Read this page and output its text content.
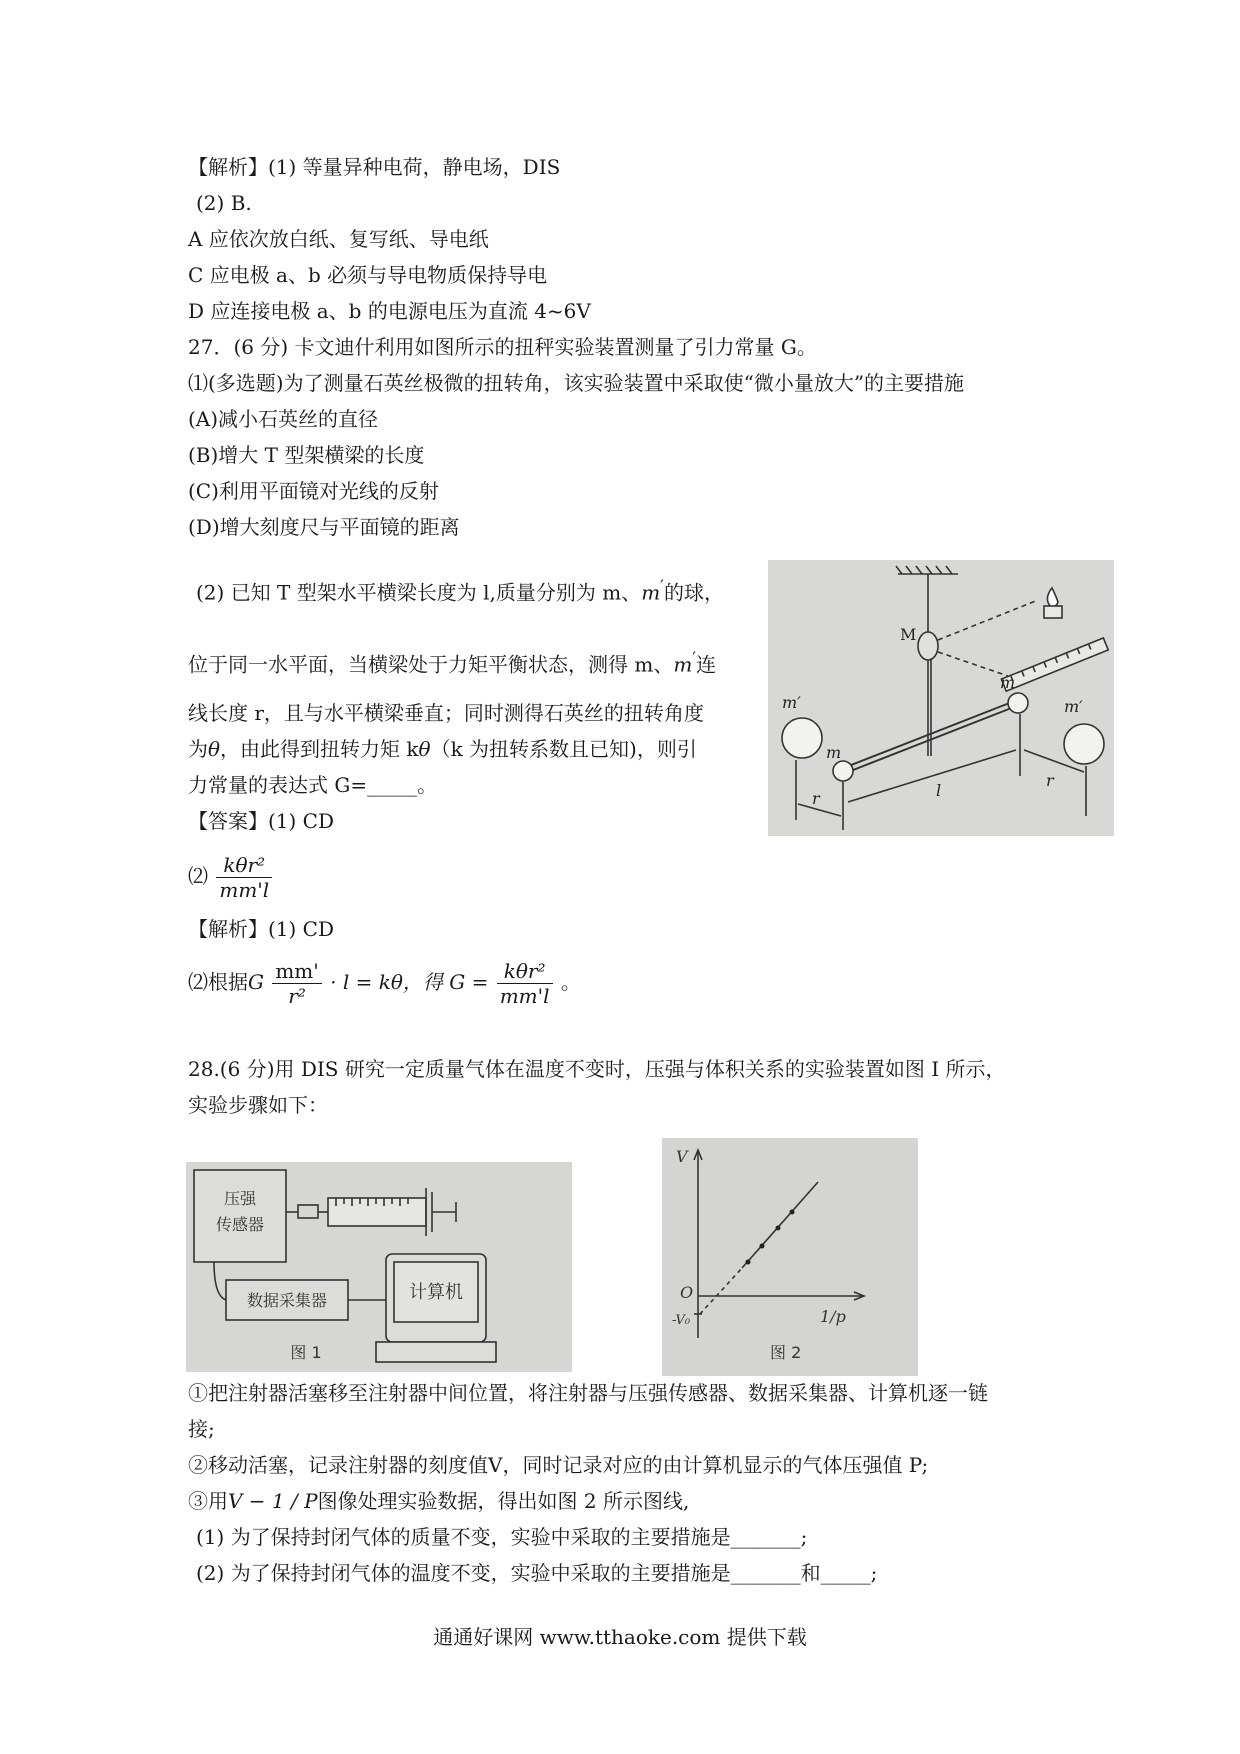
【解析】(1) 等量异种电荷，静电场，DIS
(2) B.
A 应依次放白纸、复写纸、导电纸
C 应电极 a、b 必须与导电物质保持导电
D 应连接电极 a、b 的电源电压为直流 4~6V
27．(6 分) 卡文迪什利用如图所示的扭秤实验装置测量了引力常量 G。
⑴(多选题)为了测量石英丝极微的扭转角，该实验装置中采取使“微小量放大”的主要措施
(A)减小石英丝的直径
(B)增大 T 型架横梁的长度
(C)利用平面镜对光线的反射
(D)增大刻度尺与平面镜的距离
(2) 已知 T 型架水平横梁长度为 l,质量分别为 m、m′的球，
位于同一水平面，当横梁处于力矩平衡状态，测得 m、m′连
线长度 r，且与水平横梁垂直；同时测得石英丝的扭转角度
为θ，由此得到扭转力矩 kθ（k 为扭转系数且已知)，则引
力常量的表达式 G=_____。
【答案】(1) CD
⑵ $\frac{\text{kθr²}}{mm'l}$
【解析】(1) CD
⑵根据G $\frac{mm'}{\text{r²}} \cdot l = k\theta$，得 $G = \frac{\text{kθr²}}{mm'l}$ 。
28.(6 分)用 DIS 研究一定质量气体在温度不变时，压强与体积关系的实验装置如图 I 所示，
实验步骤如下：
①把注射器活塞移至注射器中间位置，将注射器与压强传感器、数据采集器、计算机逐一链
接;
②移动活塞，记录注射器的刻度值V，同时记录对应的由计算机显示的气体压强值 P;
③用V − 1 / P图像处理实验数据，得出如图 2 所示图线,
(1) 为了保持封闭气体的质量不变，实验中采取的主要措施是_______;
(2) 为了保持封闭气体的温度不变，实验中采取的主要措施是_______和_____;
M
m
m
m′	m′
r
r
l
压强
传感器
数据采集器	计算机
图 1
V
O
-V₀	1/p
图 2
通通好课网 www.tthaoke.com 提供下载
